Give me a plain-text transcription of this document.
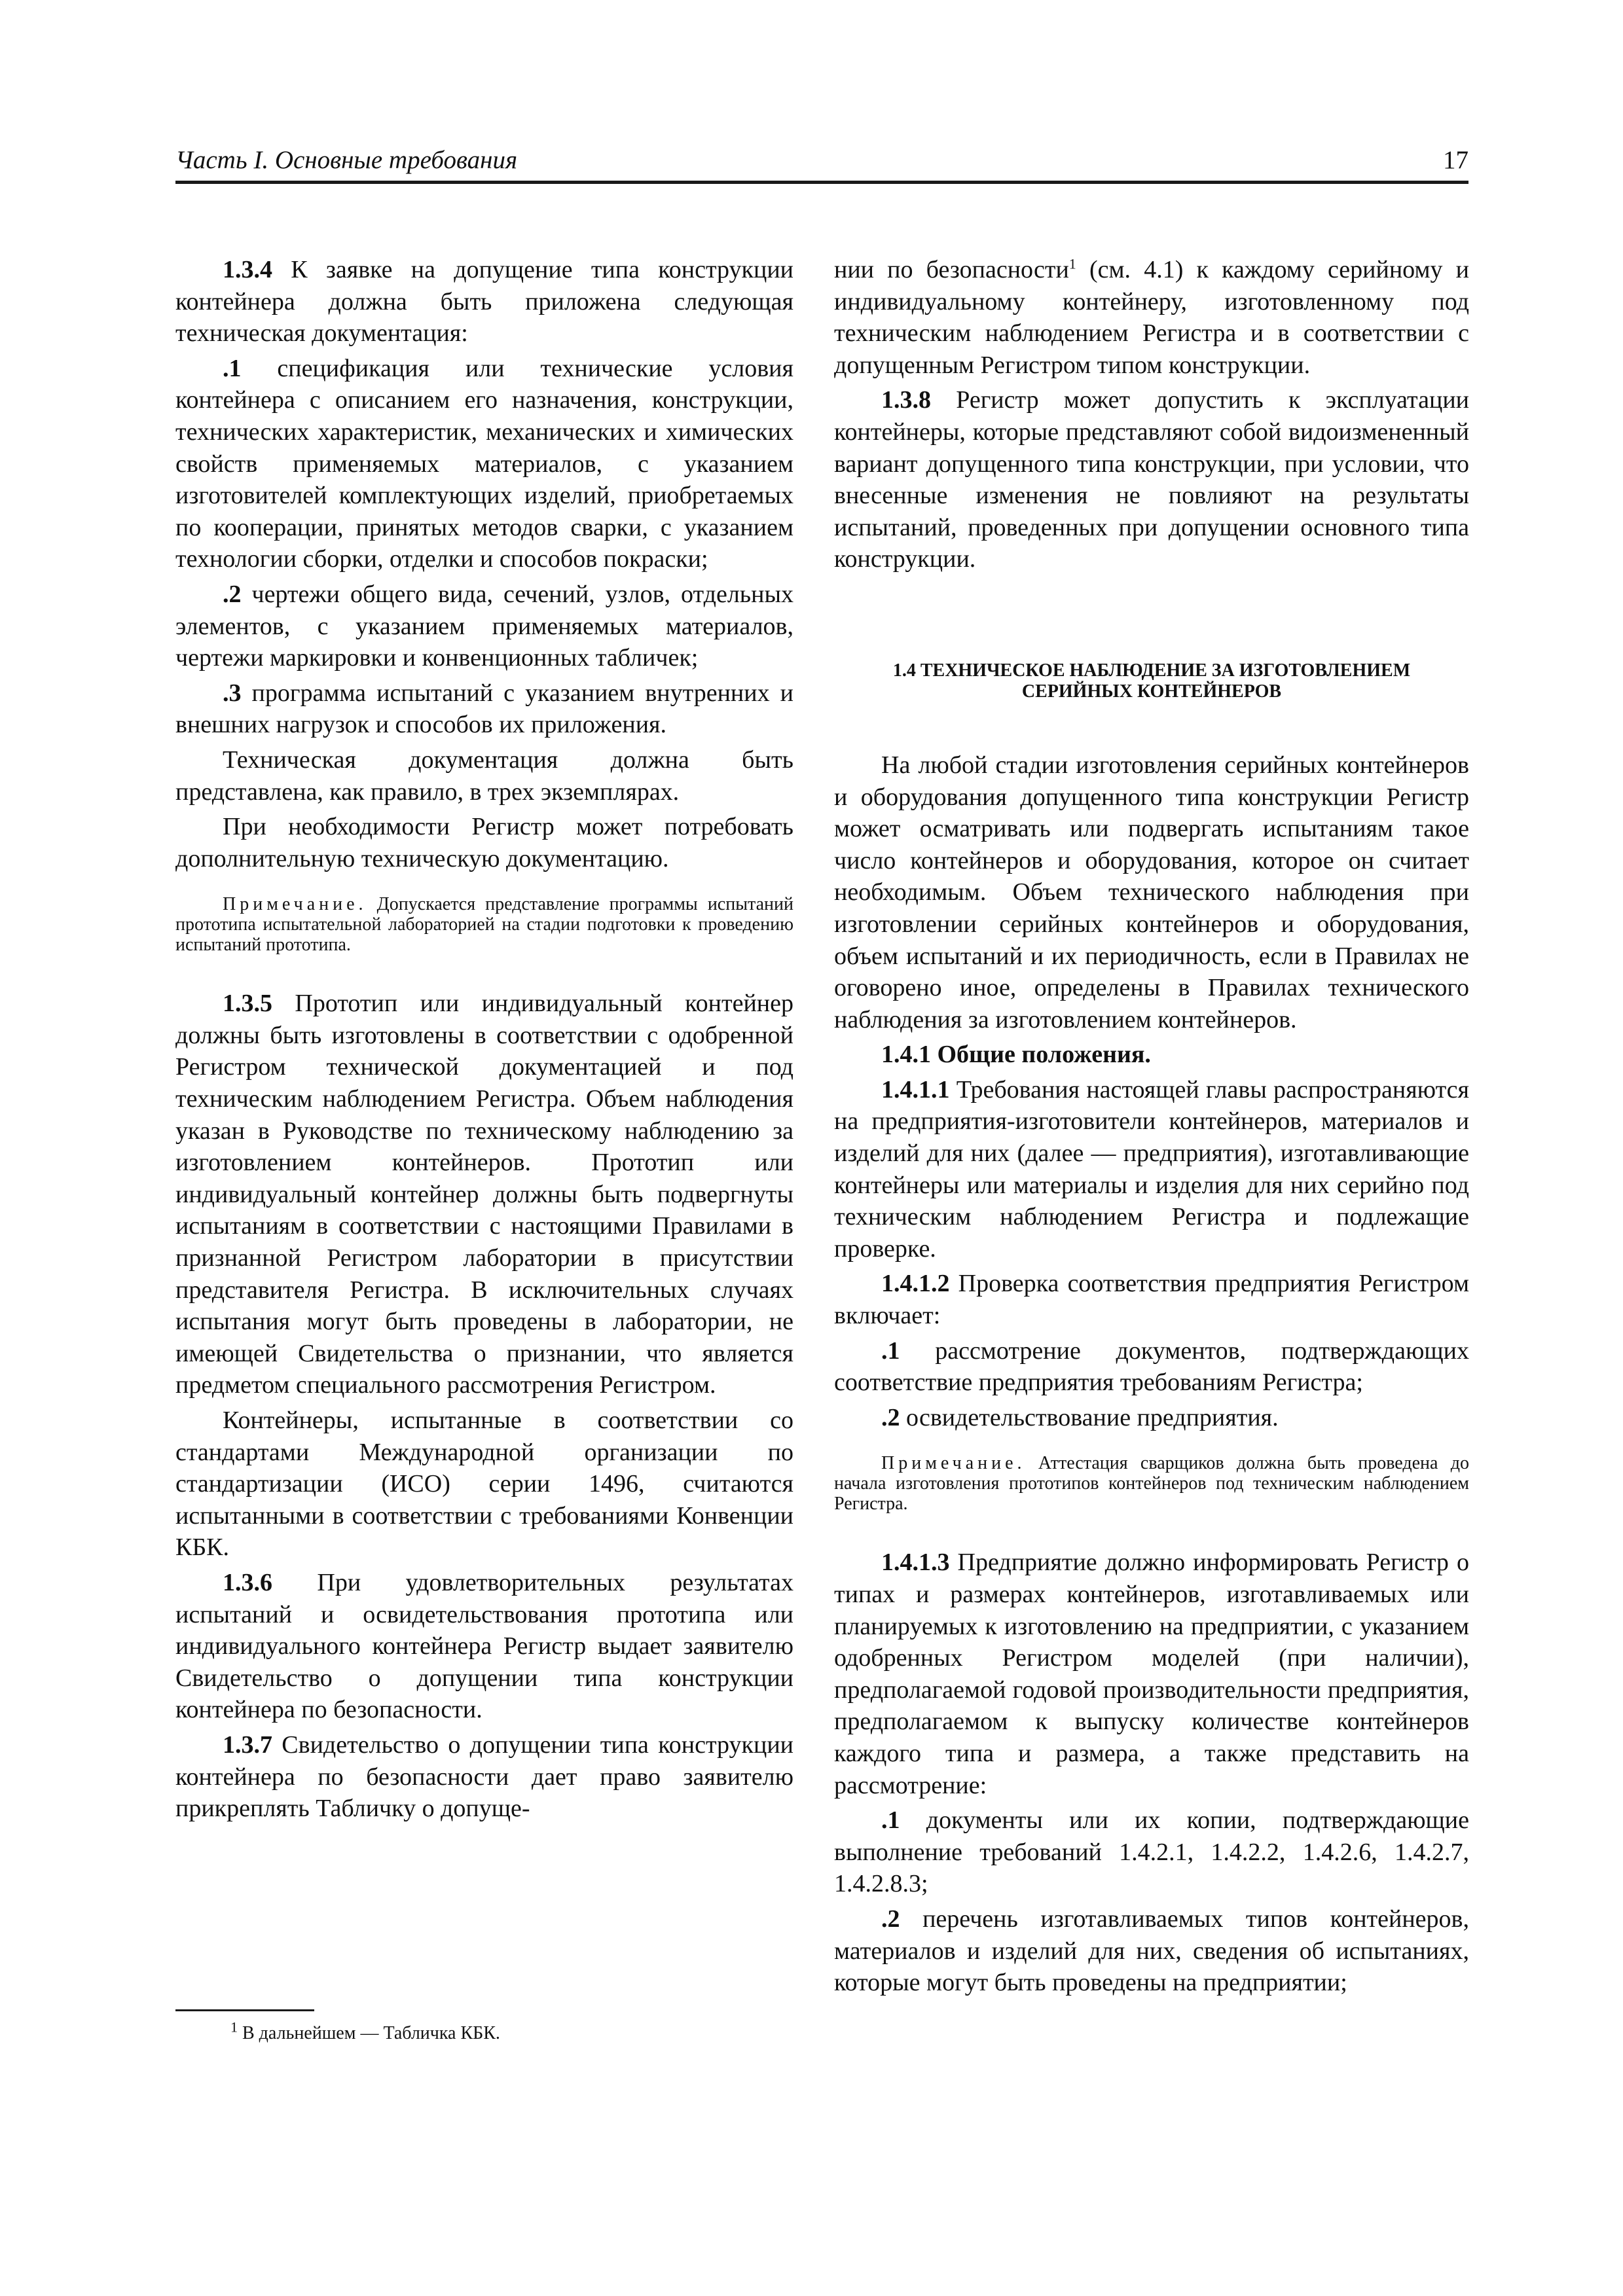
Часть I. Основные требования	17

1.3.4 К заявке на допущение типа конструкции контейнера должна быть приложена следующая техническая документация:

.1 спецификация или технические условия контейнера с описанием его назначения, конструкции, технических характеристик, механических и химических свойств применяемых материалов, с указанием изготовителей комплектующих изделий, приобретаемых по кооперации, принятых методов сварки, с указанием технологии сборки, отделки и способов покраски;

.2 чертежи общего вида, сечений, узлов, отдельных элементов, с указанием применяемых материалов, чертежи маркировки и конвенционных табличек;

.3 программа испытаний с указанием внутренних и внешних нагрузок и способов их приложения.

Техническая документация должна быть представлена, как правило, в трех экземплярах.

При необходимости Регистр может потребовать дополнительную техническую документацию.

Примечание. Допускается представление программы испытаний прототипа испытательной лабораторией на стадии подготовки к проведению испытаний прототипа.

1.3.5 Прототип или индивидуальный контейнер должны быть изготовлены в соответствии с одобренной Регистром технической документацией и под техническим наблюдением Регистра. Объем наблюдения указан в Руководстве по техническому наблюдению за изготовлением контейнеров. Прототип или индивидуальный контейнер должны быть подвергнуты испытаниям в соответствии с настоящими Правилами в признанной Регистром лаборатории в присутствии представителя Регистра. В исключительных случаях испытания могут быть проведены в лаборатории, не имеющей Свидетельства о признании, что является предметом специального рассмотрения Регистром.

Контейнеры, испытанные в соответствии со стандартами Международной организации по стандартизации (ИСО) серии 1496, считаются испытанными в соответствии с требованиями Конвенции КБК.

1.3.6 При удовлетворительных результатах испытаний и освидетельствования прототипа или индивидуального контейнера Регистр выдает заявителю Свидетельство о допущении типа конструкции контейнера по безопасности.

1.3.7 Свидетельство о допущении типа конструкции контейнера по безопасности дает право заявителю прикреплять Табличку о допуще-

нии по безопасности$^1$ (см. 4.1) к каждому серийному и индивидуальному контейнеру, изготовленному под техническим наблюдением Регистра и в соответствии с допущенным Регистром типом конструкции.

1.3.8 Регистр может допустить к эксплуатации контейнеры, которые представляют собой видоизмененный вариант допущенного типа конструкции, при условии, что внесенные изменения не повлияют на результаты испытаний, проведенных при допущении основного типа конструкции.

1.4 ТЕХНИЧЕСКОЕ НАБЛЮДЕНИЕ ЗА ИЗГОТОВЛЕНИЕМ
СЕРИЙНЫХ КОНТЕЙНЕРОВ

На любой стадии изготовления серийных контейнеров и оборудования допущенного типа конструкции Регистр может осматривать или подвергать испытаниям такое число контейнеров и оборудования, которое он считает необходимым. Объем технического наблюдения при изготовлении серийных контейнеров и оборудования, объем испытаний и их периодичность, если в Правилах не оговорено иное, определены в Правилах технического наблюдения за изготовлением контейнеров.

1.4.1 Общие положения.

1.4.1.1 Требования настоящей главы распространяются на предприятия-изготовители контейнеров, материалов и изделий для них (далее — предприятия), изготавливающие контейнеры или материалы и изделия для них серийно под техническим наблюдением Регистра и подлежащие проверке.

1.4.1.2 Проверка соответствия предприятия Регистром включает:

.1 рассмотрение документов, подтверждающих соответствие предприятия требованиям Регистра;

.2 освидетельствование предприятия.

Примечание. Аттестация сварщиков должна быть проведена до начала изготовления прототипов контейнеров под техническим наблюдением Регистра.

1.4.1.3 Предприятие должно информировать Регистр о типах и размерах контейнеров, изготавливаемых или планируемых к изготовлению на предприятии, с указанием одобренных Регистром моделей (при наличии), предполагаемой годовой производительности предприятия, предполагаемом к выпуску количестве контейнеров каждого типа и размера, а также представить на рассмотрение:

.1 документы или их копии, подтверждающие выполнение требований 1.4.2.1, 1.4.2.2, 1.4.2.6, 1.4.2.7, 1.4.2.8.3;

.2 перечень изготавливаемых типов контейнеров, материалов и изделий для них, сведения об испытаниях, которые могут быть проведены на предприятии;

$^1$ В дальнейшем — Табличка КБК.
